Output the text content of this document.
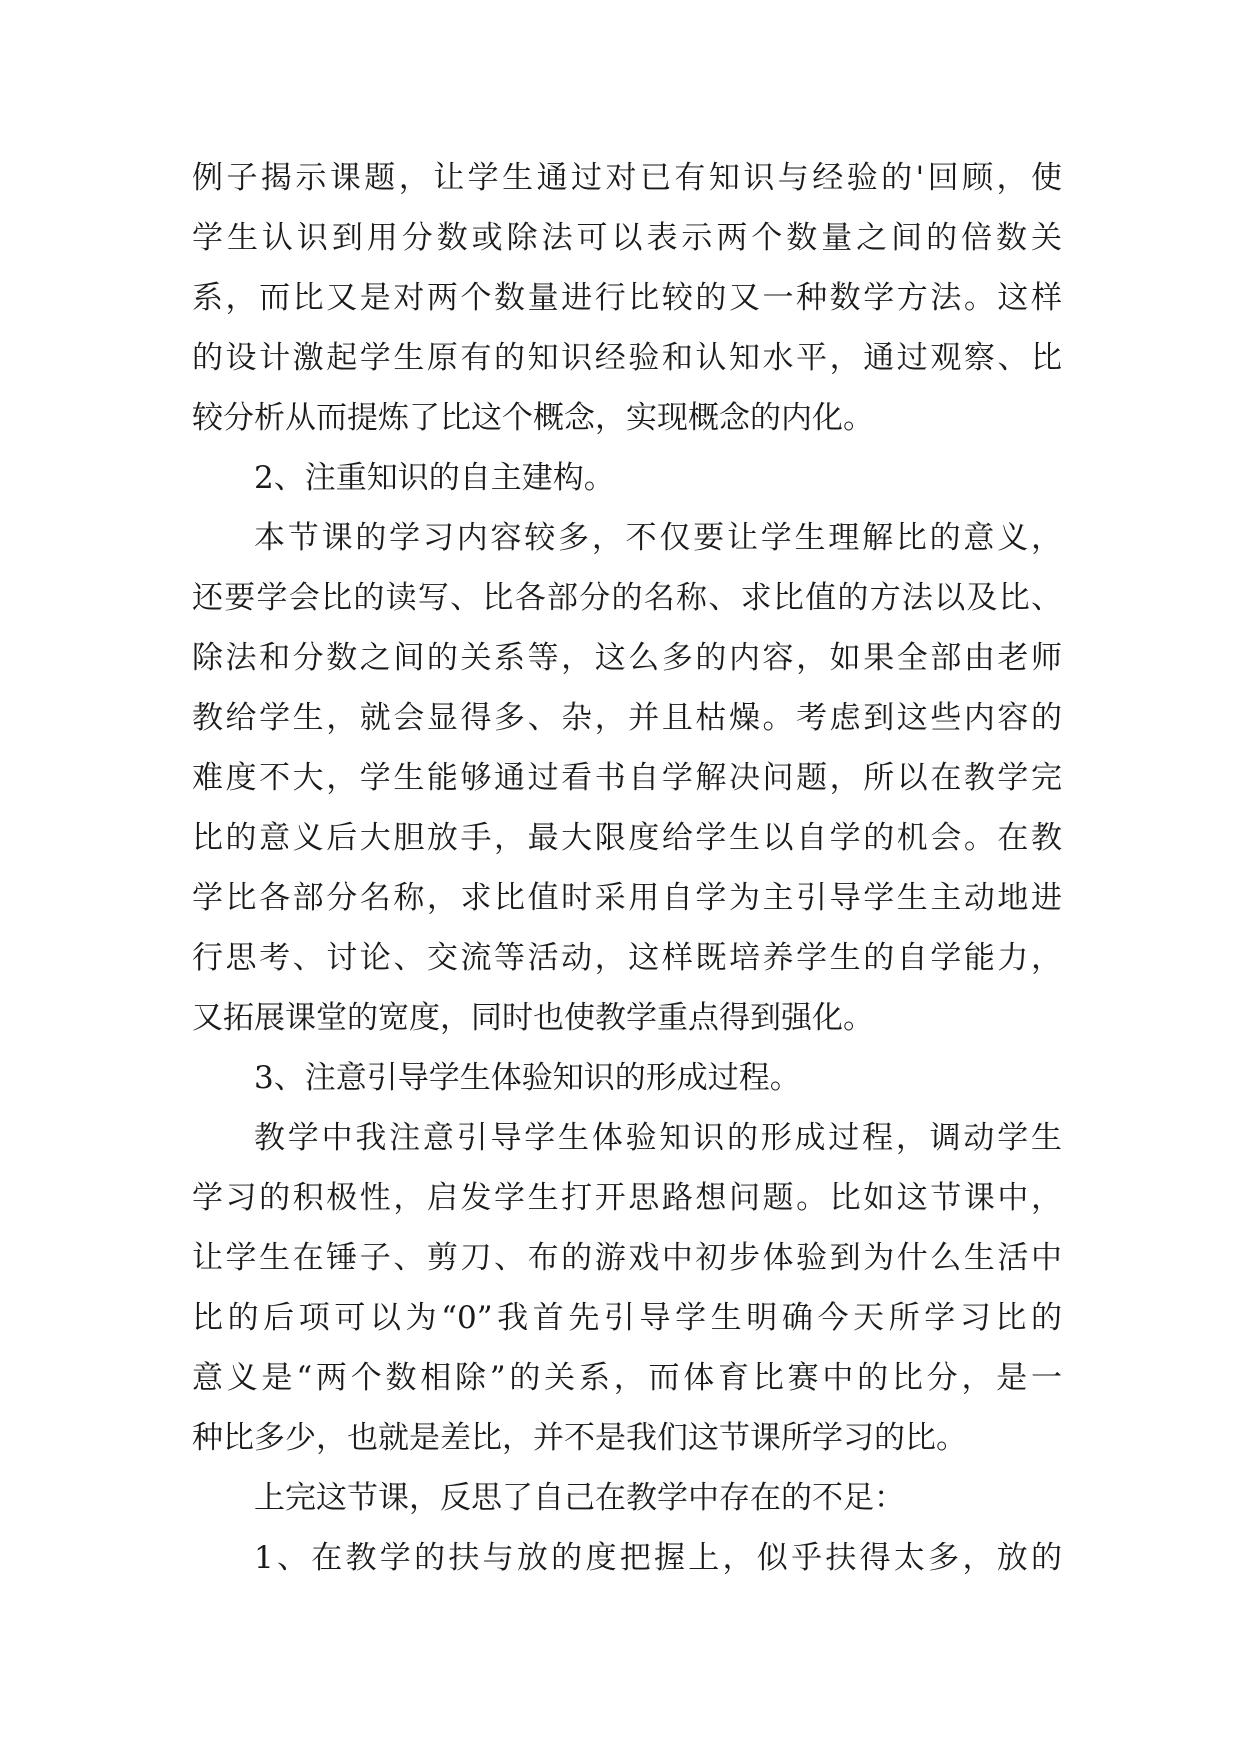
例子揭示课题，让学生通过对已有知识与经验的'回顾，使
学生认识到用分数或除法可以表示两个数量之间的倍数关
系，而比又是对两个数量进行比较的又一种数学方法。这样
的设计激起学生原有的知识经验和认知水平，通过观察、比
较分析从而提炼了比这个概念，实现概念的内化。
2、注重知识的自主建构。
本节课的学习内容较多，不仅要让学生理解比的意义，
还要学会比的读写、比各部分的名称、求比值的方法以及比、
除法和分数之间的关系等，这么多的内容，如果全部由老师
教给学生，就会显得多、杂，并且枯燥。考虑到这些内容的
难度不大，学生能够通过看书自学解决问题，所以在教学完
比的意义后大胆放手，最大限度给学生以自学的机会。在教
学比各部分名称，求比值时采用自学为主引导学生主动地进
行思考、讨论、交流等活动，这样既培养学生的自学能力，
又拓展课堂的宽度，同时也使教学重点得到强化。
3、注意引导学生体验知识的形成过程。
教学中我注意引导学生体验知识的形成过程，调动学生
学习的积极性，启发学生打开思路想问题。比如这节课中，
让学生在锤子、剪刀、布的游戏中初步体验到为什么生活中
比的后项可以为“0”我首先引导学生明确今天所学习比的
意义是“两个数相除”的关系，而体育比赛中的比分，是一
种比多少，也就是差比，并不是我们这节课所学习的比。
上完这节课，反思了自己在教学中存在的不足：
1、在教学的扶与放的度把握上，似乎扶得太多，放的
